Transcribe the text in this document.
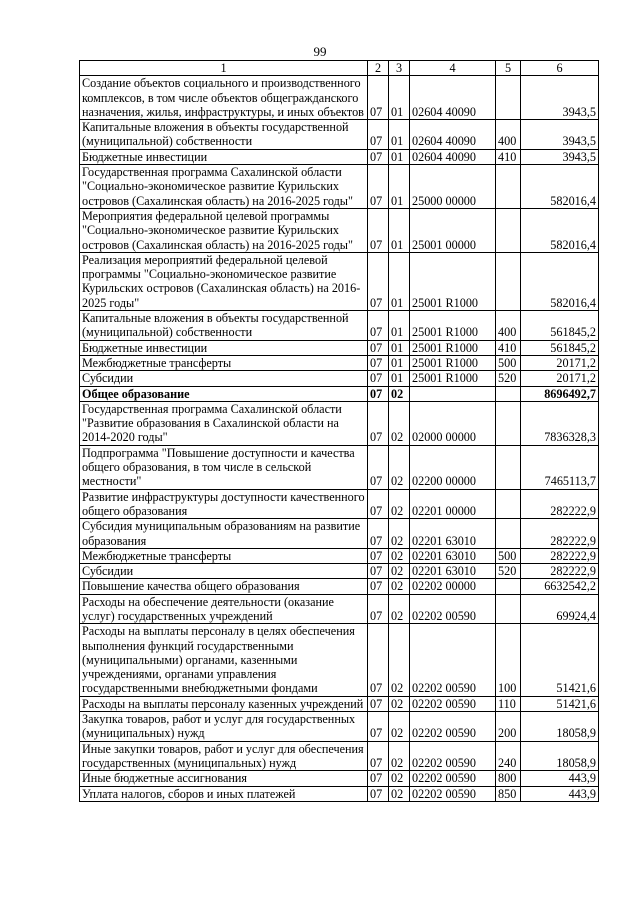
99
1	2	3	4	5	6
Создание объектов социального и производственного комплексов, в том числе объектов общегражданского назначения, жилья, инфраструктуры, и иных объектов	07	01	02604 40090		3943,5
Капитальные вложения в объекты государственной (муниципальной) собственности	07	01	02604 40090	400	3943,5
Бюджетные инвестиции	07	01	02604 40090	410	3943,5
Государственная программа Сахалинской области "Социально-экономическое развитие Курильских островов (Сахалинская область) на 2016-2025 годы"	07	01	25000 00000		582016,4
Мероприятия федеральной целевой программы "Социально-экономическое развитие Курильских островов (Сахалинская область) на 2016-2025 годы"	07	01	25001 00000		582016,4
Реализация мероприятий федеральной целевой программы "Социально-экономическое развитие Курильских островов (Сахалинская область) на 2016-2025 годы"	07	01	25001 R1000		582016,4
Капитальные вложения в объекты государственной (муниципальной) собственности	07	01	25001 R1000	400	561845,2
Бюджетные инвестиции	07	01	25001 R1000	410	561845,2
Межбюджетные трансферты	07	01	25001 R1000	500	20171,2
Субсидии	07	01	25001 R1000	520	20171,2
Общее образование	07	02			8696492,7
Государственная программа Сахалинской области "Развитие образования в Сахалинской области на 2014-2020 годы"	07	02	02000 00000		7836328,3
Подпрограмма "Повышение доступности и качества общего образования, в том числе в сельской местности"	07	02	02200 00000		7465113,7
Развитие инфраструктуры доступности качественного общего образования	07	02	02201 00000		282222,9
Субсидия муниципальным образованиям на развитие образования	07	02	02201 63010		282222,9
Межбюджетные трансферты	07	02	02201 63010	500	282222,9
Субсидии	07	02	02201 63010	520	282222,9
Повышение качества общего образования	07	02	02202 00000		6632542,2
Расходы на обеспечение деятельности (оказание услуг) государственных учреждений	07	02	02202 00590		69924,4
Расходы на выплаты персоналу в целях обеспечения выполнения функций государственными (муниципальными) органами, казенными учреждениями, органами управления государственными внебюджетными фондами	07	02	02202 00590	100	51421,6
Расходы на выплаты персоналу казенных учреждений	07	02	02202 00590	110	51421,6
Закупка товаров, работ и услуг для государственных (муниципальных) нужд	07	02	02202 00590	200	18058,9
Иные закупки товаров, работ и услуг для обеспечения государственных (муниципальных) нужд	07	02	02202 00590	240	18058,9
Иные бюджетные ассигнования	07	02	02202 00590	800	443,9
Уплата налогов, сборов и иных платежей	07	02	02202 00590	850	443,9
